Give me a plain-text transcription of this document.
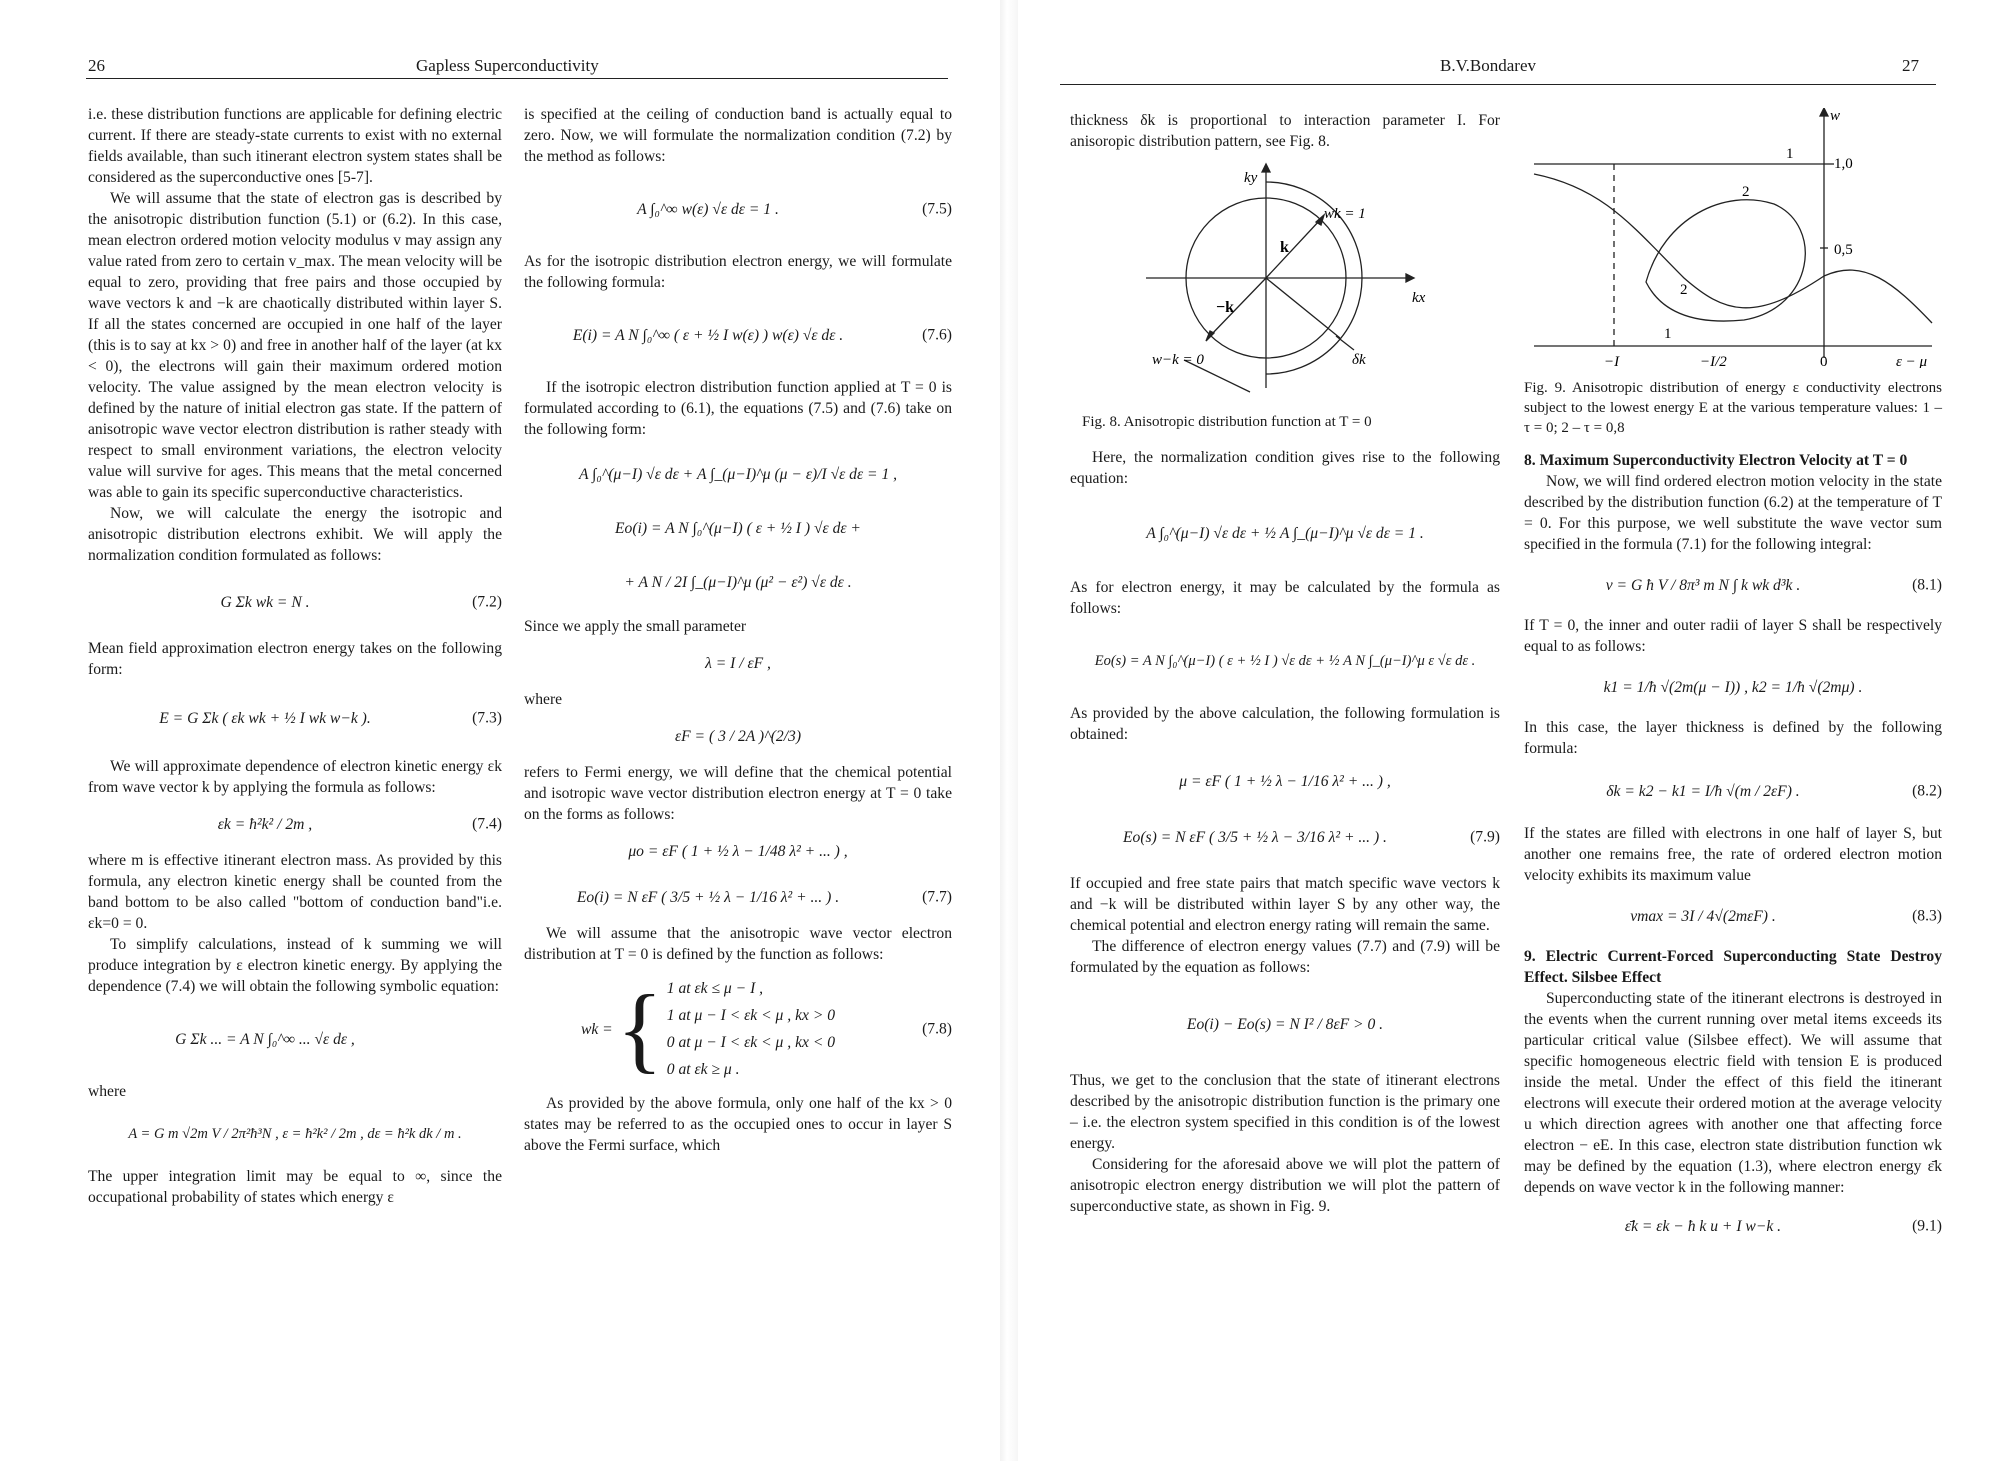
26	Gapless Superconductivity

i.e. these distribution functions are applicable for defining electric current. If there are steady-state currents to exist with no external fields available, than such itinerant electron system states shall be considered as the superconductive ones [5-7].

We will assume that the state of electron gas is described by the anisotropic distribution function (5.1) or (6.2). In this case, mean electron ordered motion velocity modulus v may assign any value rated from zero to certain v_max. The mean velocity will be equal to zero, providing that free pairs and those occupied by wave vectors k and −k are chaotically distributed within layer S. If all the states concerned are occupied in one half of the layer (this is to say at kx > 0) and free in another half of the layer (at kx < 0), the electrons will gain their maximum ordered motion velocity. The value assigned by the mean electron velocity is defined by the nature of initial electron gas state. If the pattern of anisotropic wave vector electron distribution is rather steady with respect to small environment variations, the electron velocity value will survive for ages. This means that the metal concerned was able to gain its specific superconductive characteristics.

Now, we will calculate the energy the isotropic and anisotropic distribution electrons exhibit. We will apply the normalization condition formulated as follows:

G Σk wk = N .	(7.2)

Mean field approximation electron energy takes on the following form:

E = G Σk ( εk wk + ½ I wk w−k ).	(7.3)

We will approximate dependence of electron kinetic energy εk from wave vector k by applying the formula as follows:

εk = ħ²k² / 2m ,	(7.4)

where m is effective itinerant electron mass. As provided by this formula, any electron kinetic energy shall be counted from the band bottom to be also called "bottom of conduction band"i.e. εk=0 = 0.

To simplify calculations, instead of k summing we will produce integration by ε electron kinetic energy. By applying the dependence (7.4) we will obtain the following symbolic equation:

G Σk ... = A N ∫₀^∞ ... √ε dε ,

where

A = G m √2m V / 2π²ħ³N , ε = ħ²k² / 2m , dε = ħ²k dk / m .

The upper integration limit may be equal to ∞, since the occupational probability of states which energy ε

is specified at the ceiling of conduction band is actually equal to zero. Now, we will formulate the normalization condition (7.2) by the method as follows:

A ∫₀^∞ w(ε) √ε dε = 1 .	(7.5)

As for the isotropic distribution electron energy, we will formulate the following formula:

E(i) = A N ∫₀^∞ ( ε + ½ I w(ε) ) w(ε) √ε dε .	(7.6)

If the isotropic electron distribution function applied at T = 0 is formulated according to (6.1), the equations (7.5) and (7.6) take on the following form:

A ∫₀^(μ−I) √ε dε + A ∫_(μ−I)^μ (μ − ε)/I √ε dε = 1 ,
Eo(i) = A N ∫₀^(μ−I) ( ε + ½ I ) √ε dε +
+ A N / 2I ∫_(μ−I)^μ (μ² − ε²) √ε dε .

Since we apply the small parameter

λ = I / εF ,

where

εF = ( 3 / 2A )^(2/3)

refers to Fermi energy, we will define that the chemical potential and isotropic wave vector distribution electron energy at T = 0 take on the forms as follows:

μo = εF ( 1 + ½ λ − 1/48 λ² + ... ) ,
Eo(i) = N εF ( 3/5 + ½ λ − 1/16 λ² + ... ) .	(7.7)

We will assume that the anisotropic wave vector electron distribution at T = 0 is defined by the function as follows:

wk = { 1 at εk ≤ μ − I ,
1 at μ − I < εk < μ , kx > 0
0 at μ − I < εk < μ , kx < 0
0 at εk ≥ μ .
(7.8)

As provided by the above formula, only one half of the kx > 0 states may be referred to as the occupied ones to occur in layer S above the Fermi surface, which

B.V.Bondarev	27

thickness δk is proportional to interaction parameter I. For anisoropic distribution pattern, see Fig. 8.

ky
kx
wk = 1
k
−k
w−k = 0	δk
Fig. 8. Anisotropic distribution function at T = 0

Here, the normalization condition gives rise to the following equation:

A ∫₀^(μ−I) √ε dε + ½ A ∫_(μ−I)^μ √ε dε = 1 .

As for electron energy, it may be calculated by the formula as follows:

Eo(s) = A N ∫₀^(μ−I) ( ε + ½ I ) √ε dε + ½ A N ∫_(μ−I)^μ ε √ε dε .

As provided by the above calculation, the following formulation is obtained:

μ = εF ( 1 + ½ λ − 1/16 λ² + ... ) ,
Eo(s) = N εF ( 3/5 + ½ λ − 3/16 λ² + ... ) .	(7.9)

If occupied and free state pairs that match specific wave vectors k and −k will be distributed within layer S by any other way, the chemical potential and electron energy rating will remain the same.

The difference of electron energy values (7.7) and (7.9) will be formulated by the equation as follows:

Eo(i) − Eo(s) = N I² / 8εF > 0 .

Thus, we get to the conclusion that the state of itinerant electrons described by the anisotropic distribution function is the primary one – i.e. the electron system specified in this condition is of the lowest energy.

Considering for the aforesaid above we will plot the pattern of anisotropic electron energy distribution we will plot the pattern of superconductive state, as shown in Fig. 9.

w
1,0
0,5
1
2
2
1
−I	−I/2	0	ε − μ
Fig. 9. Anisotropic distribution of energy ε conductivity electrons subject to the lowest energy E at the various temperature values: 1 – τ = 0; 2 – τ = 0,8

8. Maximum Superconductivity Electron Velocity at T = 0

Now, we will find ordered electron motion velocity in the state described by the distribution function (6.2) at the temperature of T = 0. For this purpose, we well substitute the wave vector sum specified in the formula (7.1) for the following integral:

v = G ħ V / 8π³ m N ∫ k wk d³k .	(8.1)

If T = 0, the inner and outer radii of layer S shall be respectively equal to as follows:

k1 = 1/ħ √(2m(μ − I)) , k2 = 1/ħ √(2mμ) .

In this case, the layer thickness is defined by the following formula:

δk = k2 − k1 = I/ħ √(m / 2εF) .	(8.2)

If the states are filled with electrons in one half of layer S, but another one remains free, the rate of ordered electron motion velocity exhibits its maximum value

vmax = 3I / 4√(2mεF) .	(8.3)

9. Electric Current-Forced Superconducting State Destroy Effect. Silsbee Effect

Superconducting state of the itinerant electrons is destroyed in the events when the current running over metal items exceeds its particular critical value (Silsbee effect). We will assume that specific homogeneous electric field with tension E is produced inside the metal. Under the effect of this field the itinerant electrons will execute their ordered motion at the average velocity u which direction agrees with another one that affecting force electron − eE. In this case, electron state distribution function wk may be defined by the equation (1.3), where electron energy ε̄k depends on wave vector k in the following manner:

ε̄k = εk − ħ k u + I w−k .	(9.1)
